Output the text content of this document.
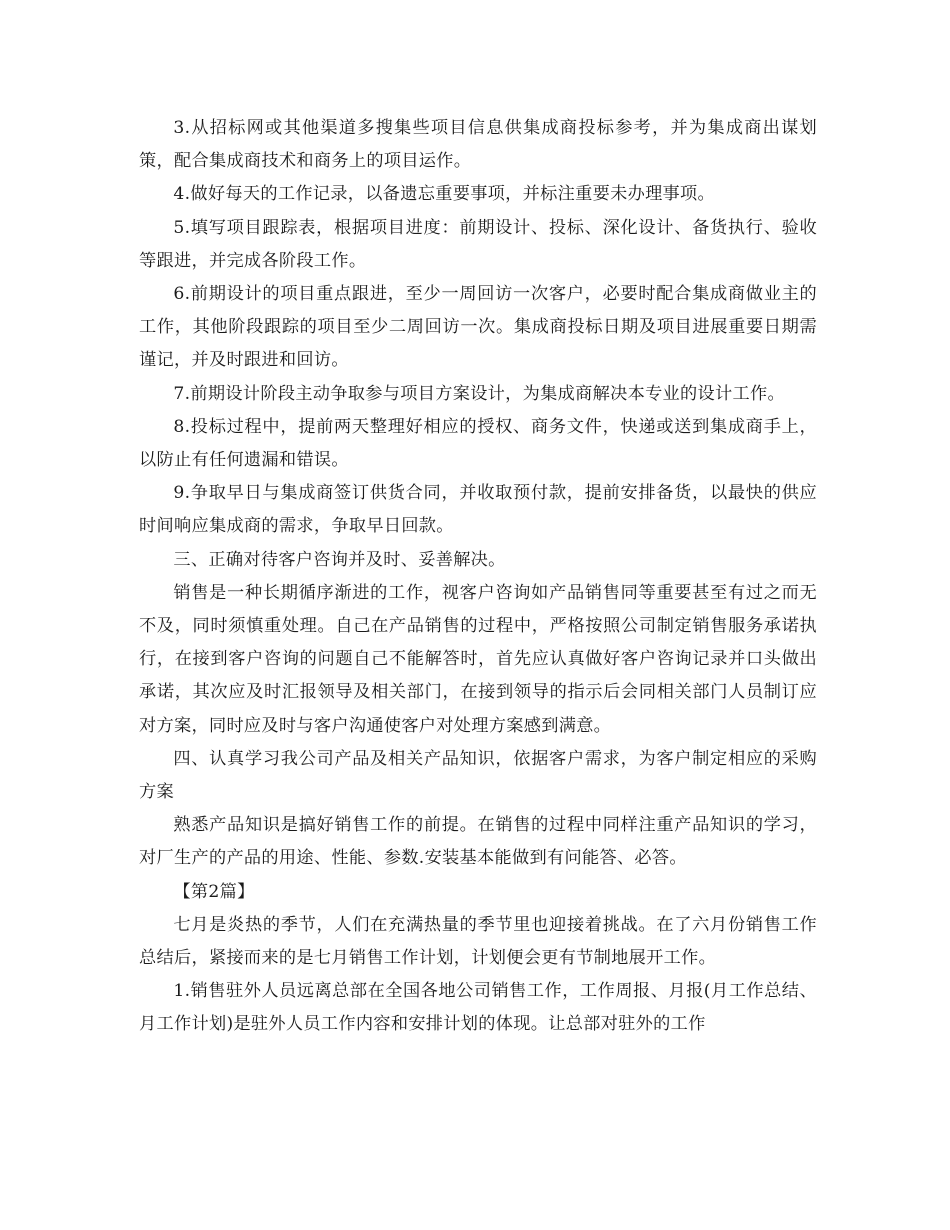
3.从招标网或其他渠道多搜集些项目信息供集成商投标参考，并为集成商出谋划策，配合集成商技术和商务上的项目运作。

4.做好每天的工作记录，以备遗忘重要事项，并标注重要未办理事项。

5.填写项目跟踪表，根据项目进度：前期设计、投标、深化设计、备货执行、验收等跟进，并完成各阶段工作。

6.前期设计的项目重点跟进，至少一周回访一次客户，必要时配合集成商做业主的工作，其他阶段跟踪的项目至少二周回访一次。集成商投标日期及项目进展重要日期需谨记，并及时跟进和回访。

7.前期设计阶段主动争取参与项目方案设计，为集成商解决本专业的设计工作。

8.投标过程中，提前两天整理好相应的授权、商务文件，快递或送到集成商手上，以防止有任何遗漏和错误。

9.争取早日与集成商签订供货合同，并收取预付款，提前安排备货，以最快的供应时间响应集成商的需求，争取早日回款。

三、正确对待客户咨询并及时、妥善解决。

销售是一种长期循序渐进的工作，视客户咨询如产品销售同等重要甚至有过之而无不及，同时须慎重处理。自己在产品销售的过程中，严格按照公司制定销售服务承诺执行，在接到客户咨询的问题自己不能解答时，首先应认真做好客户咨询记录并口头做出承诺，其次应及时汇报领导及相关部门，在接到领导的指示后会同相关部门人员制订应对方案，同时应及时与客户沟通使客户对处理方案感到满意。

四、认真学习我公司产品及相关产品知识，依据客户需求，为客户制定相应的采购方案

熟悉产品知识是搞好销售工作的前提。在销售的过程中同样注重产品知识的学习，对厂生产的产品的用途、性能、参数.安装基本能做到有问能答、必答。

【第2篇】

七月是炎热的季节，人们在充满热量的季节里也迎接着挑战。在了六月份销售工作总结后，紧接而来的是七月销售工作计划，计划便会更有节制地展开工作。

1.销售驻外人员远离总部在全国各地公司销售工作，工作周报、月报(月工作总结、月工作计划)是驻外人员工作内容和安排计划的体现。让总部对驻外的工作
